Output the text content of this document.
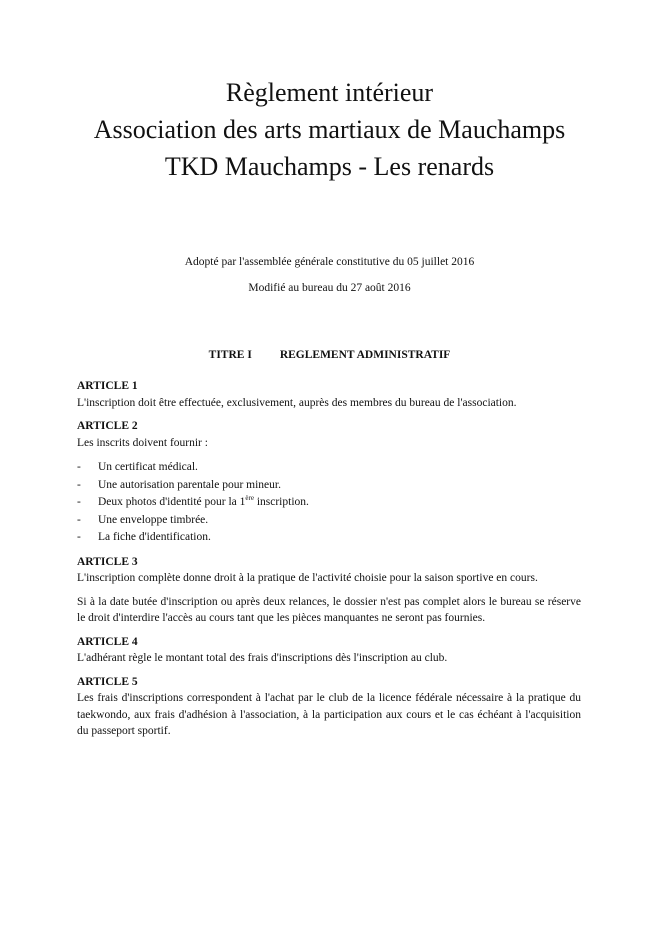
Règlement intérieur
Association des arts martiaux de Mauchamps
TKD Mauchamps - Les renards
Adopté par l'assemblée générale constitutive du 05 juillet 2016
Modifié au bureau du 27 août 2016
TITRE I REGLEMENT ADMINISTRATIF

ARTICLE 1

L'inscription doit être effectuée, exclusivement, auprès des membres du bureau de l'association.

ARTICLE 2

Les inscrits doivent fournir :

- Un certificat médical.
- Une autorisation parentale pour mineur.
- Deux photos d'identité pour la 1ère inscription.
- Une enveloppe timbrée.
- La fiche d'identification.

ARTICLE 3

L'inscription complète donne droit à la pratique de l'activité choisie pour la saison sportive en cours.

Si à la date butée d'inscription ou après deux relances, le dossier n'est pas complet alors le bureau se réserve le droit d'interdire l'accès au cours tant que les pièces manquantes ne seront pas fournies.

ARTICLE 4

L'adhérant règle le montant total des frais d'inscriptions dès l'inscription au club.

ARTICLE 5

Les frais d'inscriptions correspondent à l'achat par le club de la licence fédérale nécessaire à la pratique du taekwondo, aux frais d'adhésion à l'association, à la participation aux cours et le cas échéant à l'acquisition du passeport sportif.
